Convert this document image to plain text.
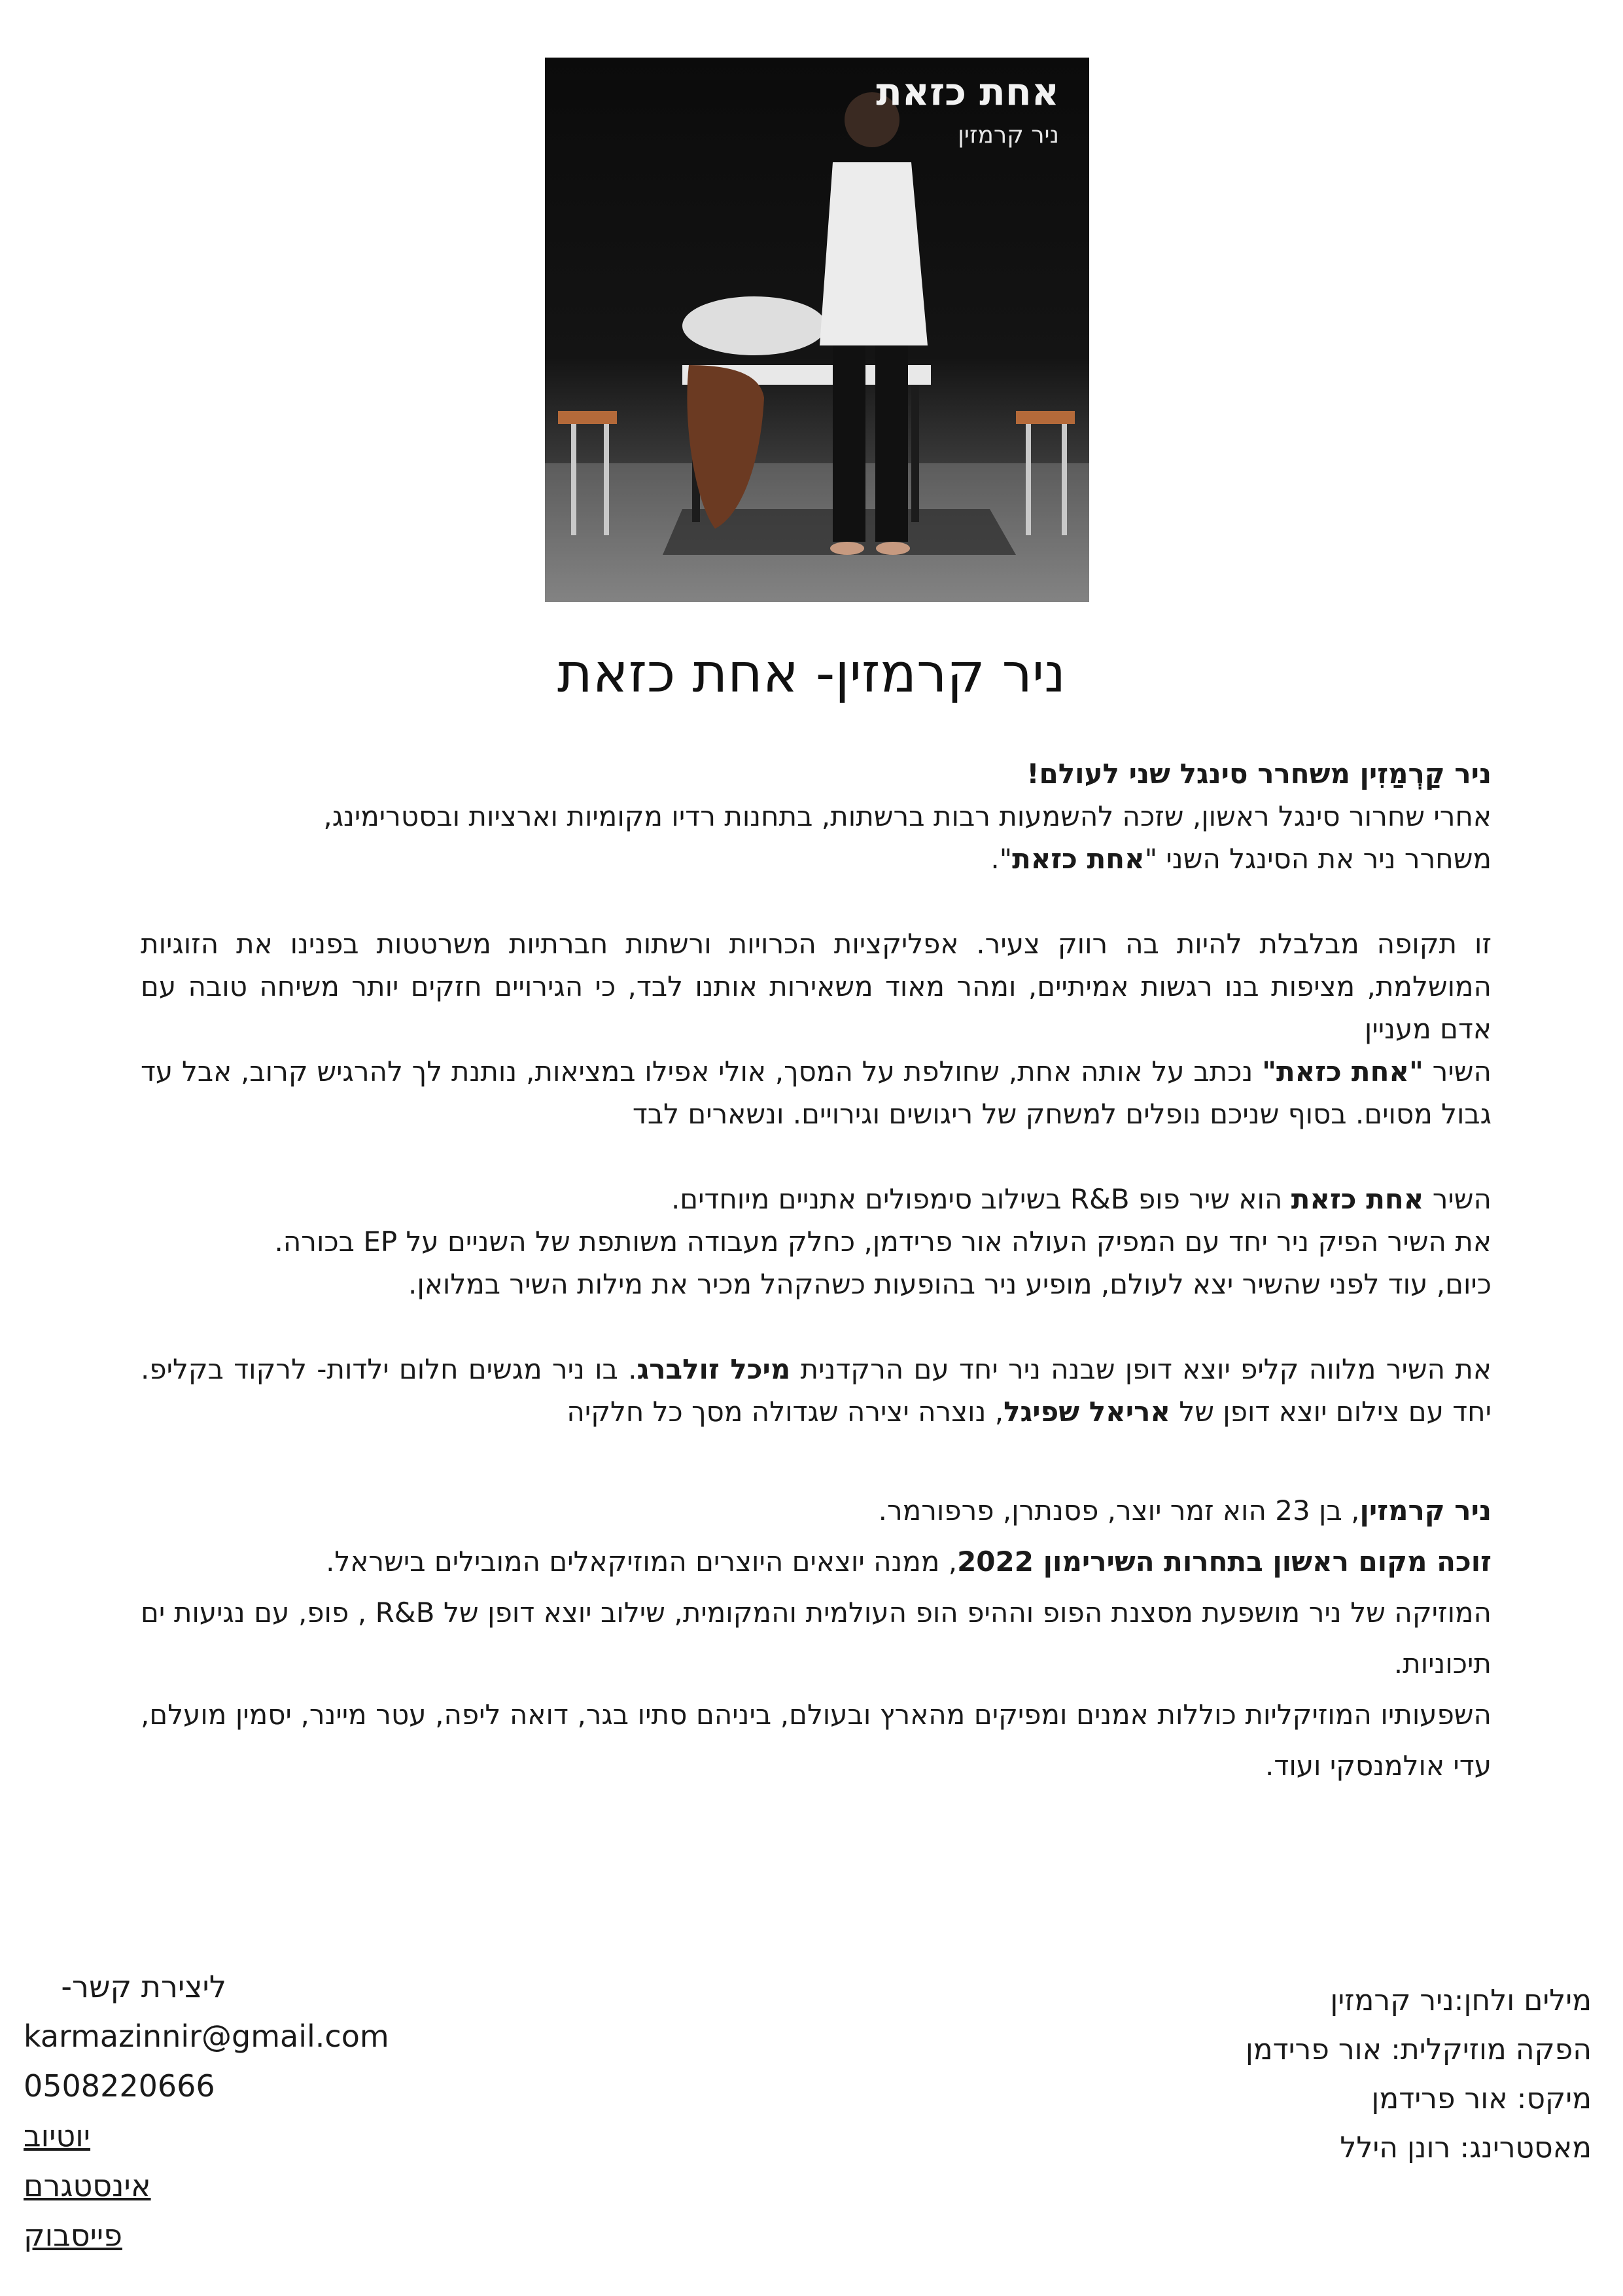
אחת כזאת
ניר קרמזין
ניר קרמזין- אחת כזאת

ניר קַרְמַזִין משחרר סינגל שני לעולם!

אחרי שחרור סינגל ראשון, שזכה להשמעות רבות ברשתות, בתחנות רדיו מקומיות וארציות ובסטרימינג,

משחרר ניר את הסינגל השני "אחת כזאת".

זו תקופה מבלבלת להיות בה רווק צעיר. אפליקציות הכרויות ורשתות חברתיות משרטטות בפנינו את הזוגיות המושלמת, מציפות בנו רגשות אמיתיים, ומהר מאוד משאירות אותנו לבד, כי הגירויים חזקים יותר משיחה טובה עם אדם מעניין

השיר "אחת כזאת" נכתב על אותה אחת, שחולפת על המסך, אולי אפילו במציאות, נותנת לך להרגיש קרוב, אבל עד גבול מסוים. בסוף שניכם נופלים למשחק של ריגושים וגירויים. ונשארים לבד

השיר אחת כזאת הוא שיר פופ R&B בשילוב סימפולים אתניים מיוחדים.

את השיר הפיק ניר יחד עם המפיק העולה אור פרידמן, כחלק מעבודה משותפת של השניים על EP בכורה.

כיום, עוד לפני שהשיר יצא לעולם, מופיע ניר בהופעות כשהקהל מכיר את מילות השיר במלואן.

את השיר מלווה קליפ יוצא דופן שבנה ניר יחד עם הרקדנית מיכל זולברג. בו ניר מגשים חלום ילדות- לרקוד בקליפ. יחד עם צילום יוצא דופן של אריאל שפיגל, נוצרה יצירה שגדולה מסך כל חלקיה

ניר קרמזין, בן 23 הוא זמר יוצר, פסנתרן, פרפורמר.

זוכה מקום ראשון בתחרות השירימון 2022, ממנה יוצאים היוצרים המוזיקאלים המובילים בישראל.

המוזיקה של ניר מושפעת מסצנת הפופ וההיפ הופ העולמית והמקומית, שילוב יוצא דופן של R&B , פופ, עם נגיעות ים תיכוניות.

השפעותיו המוזיקליות כוללות אמנים ומפיקים מהארץ ובעולם, ביניהם סתיו בגר, דואה ליפה, עטר מיינר, יסמין מועלם, עדי אולמנסקי ועוד.

מילים ולחן:ניר קרמזין

הפקה מוזיקלית: אור פרידמן

מיקס: אור פרידמן

מאסטרינג: רונן הילל

ליצירת קשר-

karmazinnir@gmail.com

0508220666

יוטיוב

אינסטגרם

פייסבוק
